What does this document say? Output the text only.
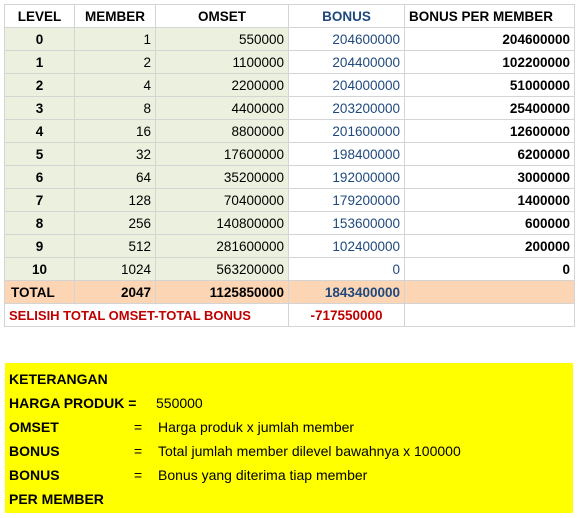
LEVEL	MEMBER	OMSET	BONUS	BONUS PER MEMBER
0	1	550000	204600000	204600000
1	2	1100000	204400000	102200000
2	4	2200000	204000000	51000000
3	8	4400000	203200000	25400000
4	16	8800000	201600000	12600000
5	32	17600000	198400000	6200000
6	64	35200000	192000000	3000000
7	128	70400000	179200000	1400000
8	256	140800000	153600000	600000
9	512	281600000	102400000	200000
10	1024	563200000	0	0
TOTAL	2047	1125850000	1843400000	
SELISIH TOTAL OMSET-TOTAL BONUS			-717550000	
KETERANGAN
HARGA PRODUK = 550000
OMSET	= Harga produk x jumlah member
BONUS	= Total jumlah member dilevel bawahnya x 100000
BONUS	= Bonus yang diterima tiap member
PER MEMBER
